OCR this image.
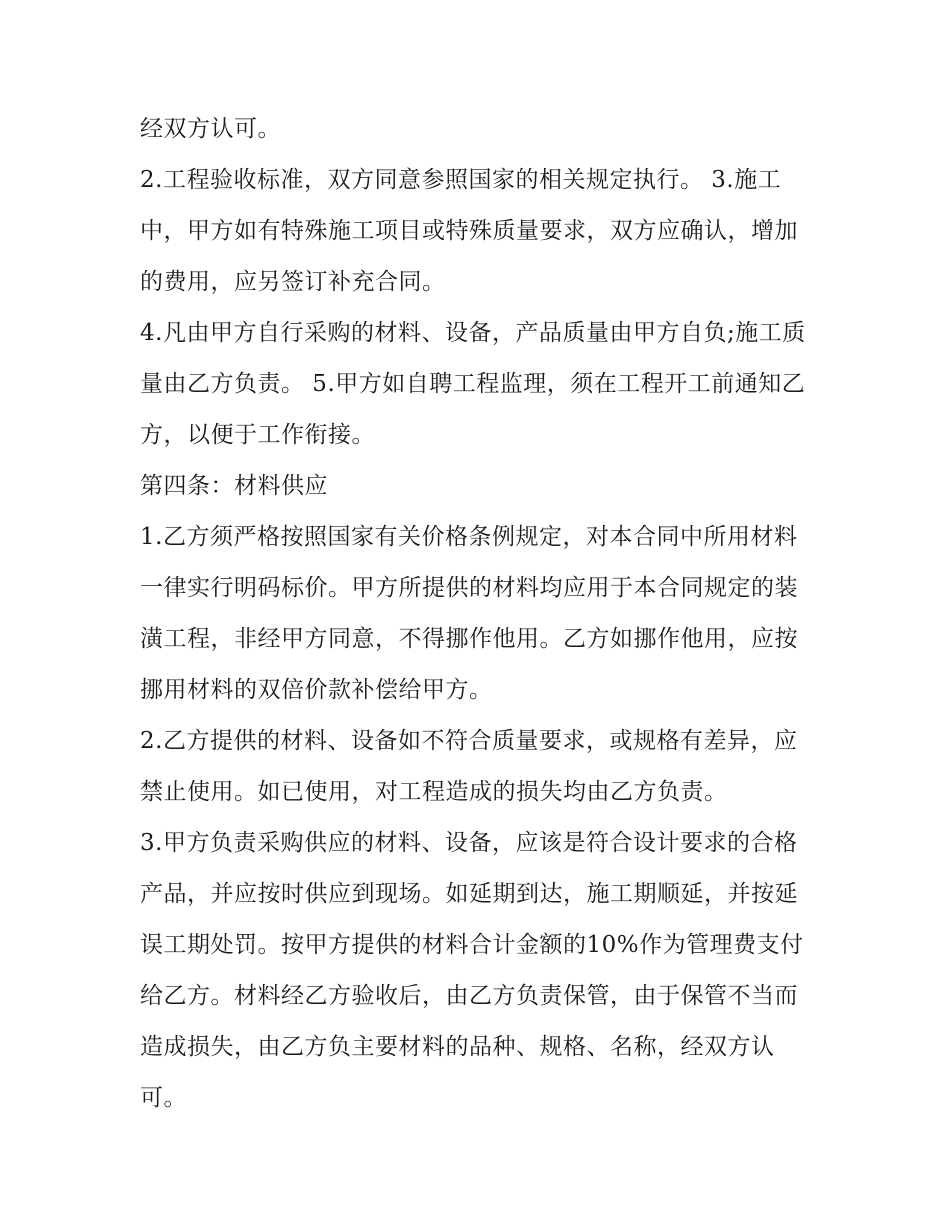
经双方认可。

2.工程验收标准，双方同意参照国家的相关规定执行。 3.施工中，甲方如有特殊施工项目或特殊质量要求，双方应确认，增加的费用，应另签订补充合同。

4.凡由甲方自行采购的材料、设备，产品质量由甲方自负;施工质量由乙方负责。 5.甲方如自聘工程监理，须在工程开工前通知乙方，以便于工作衔接。

第四条：材料供应

1.乙方须严格按照国家有关价格条例规定，对本合同中所用材料一律实行明码标价。甲方所提供的材料均应用于本合同规定的装潢工程，非经甲方同意，不得挪作他用。乙方如挪作他用，应按挪用材料的双倍价款补偿给甲方。

2.乙方提供的材料、设备如不符合质量要求，或规格有差异，应禁止使用。如已使用，对工程造成的损失均由乙方负责。

3.甲方负责采购供应的材料、设备，应该是符合设计要求的合格产品，并应按时供应到现场。如延期到达，施工期顺延，并按延误工期处罚。按甲方提供的材料合计金额的10%作为管理费支付给乙方。材料经乙方验收后，由乙方负责保管，由于保管不当而造成损失，由乙方负主要材料的品种、规格、名称，经双方认可。
